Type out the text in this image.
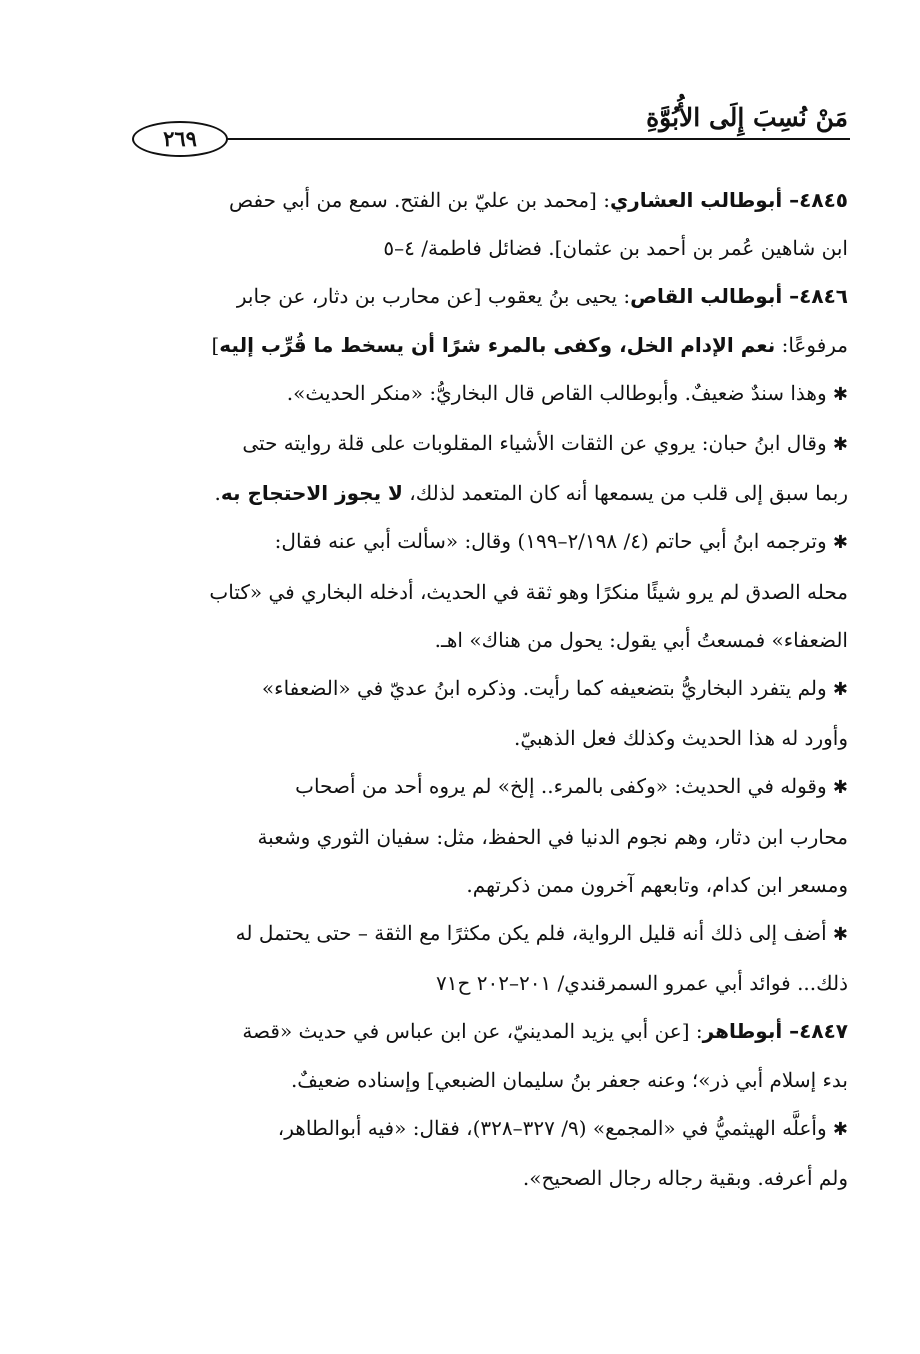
مَنْ نُسِبَ إِلَى الأُبُوَّةِ
٢٦٩

٤٨٤٥– أبوطالب العشاري: [محمد بن عليّ بن الفتح. سمع من أبي حفص

ابن شاهين عُمر بن أحمد بن عثمان]. فضائل فاطمة/ ٤–٥

٤٨٤٦– أبوطالب القاص: يحيى بنُ يعقوب [عن محارب بن دثار، عن جابر

مرفوعًا: نعم الإدام الخل، وكفى بالمرء شرًا أن يسخط ما قُرِّب إليه]

✱ وهذا سندٌ ضعيفٌ. وأبوطالب القاص قال البخاريُّ: «منكر الحديث».

✱ وقال ابنُ حبان: يروي عن الثقات الأشياء المقلوبات على قلة روايته حتى

ربما سبق إلى قلب من يسمعها أنه كان المتعمد لذلك، لا يجوز الاحتجاج به.

✱ وترجمه ابنُ أبي حاتم (٤/ ٢/١٩٨–١٩٩) وقال: «سألت أبي عنه فقال:

محله الصدق لم يرو شيئًا منكرًا وهو ثقة في الحديث، أدخله البخاري في «كتاب

الضعفاء» فمسعتُ أبي يقول: يحول من هناك» اهـ.

✱ ولم يتفرد البخاريُّ بتضعيفه كما رأيت. وذكره ابنُ عديّ في «الضعفاء»

وأورد له هذا الحديث وكذلك فعل الذهبيّ.

✱ وقوله في الحديث: «وكفى بالمرء.. إلخ» لم يروه أحد من أصحاب

محارب ابن دثار، وهم نجوم الدنيا في الحفظ، مثل: سفيان الثوري وشعبة

ومسعر ابن كدام، وتابعهم آخرون ممن ذكرتهم.

✱ أضف إلى ذلك أنه قليل الرواية، فلم يكن مكثرًا مع الثقة – حتى يحتمل له

ذلك... فوائد أبي عمرو السمرقندي/ ٢٠١–٢٠٢ ح٧١

٤٨٤٧– أبوطاهر: [عن أبي يزيد المدينيّ، عن ابن عباس في حديث «قصة

بدء إسلام أبي ذر»؛ وعنه جعفر بنُ سليمان الضبعي] وإسناده ضعيفٌ.

✱ وأعلَّه الهيثميُّ في «المجمع» (٩/ ٣٢٧–٣٢٨)، فقال: «فيه أبوالطاهر،

ولم أعرفه. وبقية رجاله رجال الصحيح».
